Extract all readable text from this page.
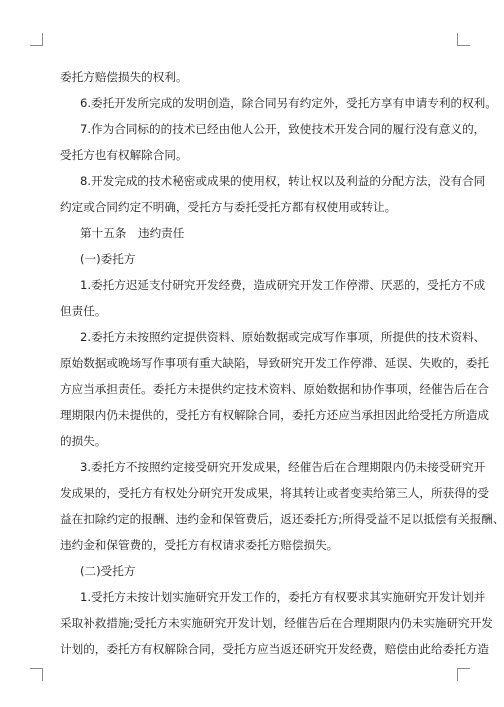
委托方赔偿损失的权利。
6.委托开发所完成的发明创造，除合同另有约定外，受托方享有申请专利的权利。
7.作为合同标的的技术已经由他人公开，致使技术开发合同的履行没有意义的，
受托方也有权解除合同。
8.开发完成的技术秘密或成果的使用权，转让权以及利益的分配方法，没有合同
约定或合同约定不明确，受托方与委托受托方都有权使用或转让。
第十五条　违约责任
(一)委托方
1.委托方迟延支付研究开发经费，造成研究开发工作停滞、厌恶的，受托方不成
但责任。
2.委托方未按照约定提供资料、原始数据或完成写作事项，所提供的技术资料、
原始数据或晚场写作事项有重大缺陷，导致研究开发工作停滞、延误、失败的，委托
方应当承担责任。委托方未提供约定技术资料、原始数据和协作事项，经催告后在合
理期限内仍未提供的，受托方有权解除合同，委托方还应当承担因此给受托方所造成
的损失。
3.委托方不按照约定接受研究开发成果，经催告后在合理期限内仍未接受研究开
发成果的，受托方有权处分研究开发成果，将其转让或者变卖给第三人，所获得的受
益在扣除约定的报酬、违约金和保管费后，返还委托方;所得受益不足以抵偿有关报酬、
违约金和保管费的，受托方有权请求委托方赔偿损失。
(二)受托方
1.受托方未按计划实施研究开发工作的，委托方有权要求其实施研究开发计划并
采取补救措施;受托方未实施研究开发计划，经催告后在合理期限内仍未实施研究开发
计划的，委托方有权解除合同，受托方应当返还研究开发经费，赔偿由此给委托方造
